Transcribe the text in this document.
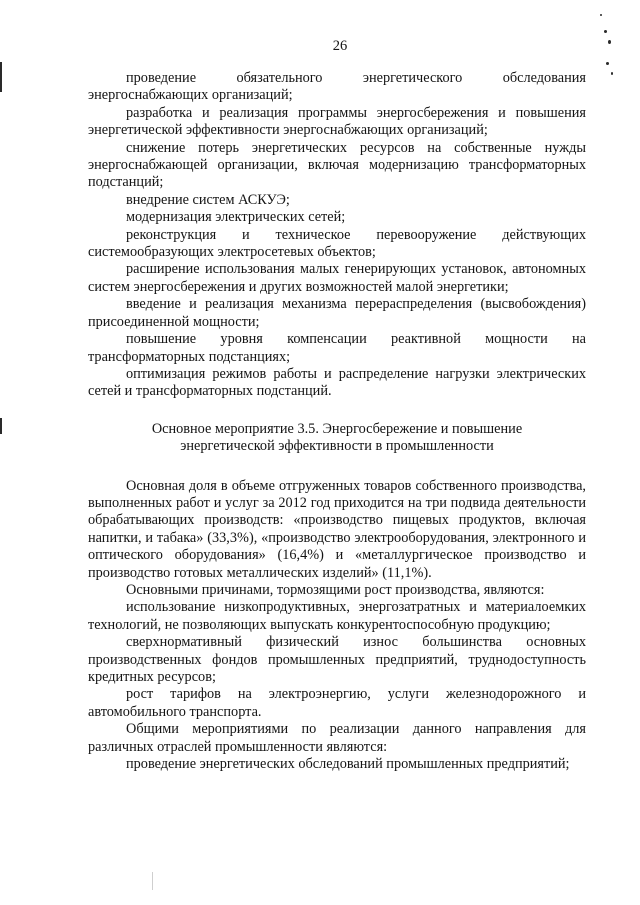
26

проведение обязательного энергетического обследования энергоснабжающих организаций;

разработка и реализация программы энергосбережения и повышения энергетической эффективности энергоснабжающих организаций;

снижение потерь энергетических ресурсов на собственные нужды энергоснабжающей организации, включая модернизацию трансформаторных подстанций;

внедрение систем АСКУЭ;

модернизация электрических сетей;

реконструкция и техническое перевооружение действующих системообразующих электросетевых объектов;

расширение использования малых генерирующих установок, автономных систем энергосбережения и других возможностей малой энергетики;

введение и реализация механизма перераспределения (высвобождения) присоединенной мощности;

повышение уровня компенсации реактивной мощности на трансформаторных подстанциях;

оптимизация режимов работы и распределение нагрузки электрических сетей и трансформаторных подстанций.

Основное мероприятие 3.5. Энергосбережение и повышение
энергетической эффективности в промышленности

Основная доля в объеме отгруженных товаров собственного производства, выполненных работ и услуг за 2012 год приходится на три подвида деятельности обрабатывающих производств: «производство пищевых продуктов, включая напитки, и табака» (33,3%), «производство электрооборудования, электронного и оптического оборудования» (16,4%) и «металлургическое производство и производство готовых металлических изделий» (11,1%).

Основными причинами, тормозящими рост производства, являются:

использование низкопродуктивных, энергозатратных и материалоемких технологий, не позволяющих выпускать конкурентоспособную продукцию;

сверхнормативный физический износ большинства основных производственных фондов промышленных предприятий, труднодоступность кредитных ресурсов;

рост тарифов на электроэнергию, услуги железнодорожного и автомобильного транспорта.

Общими мероприятиями по реализации данного направления для различных отраслей промышленности являются:

проведение энергетических обследований промышленных предприятий;
